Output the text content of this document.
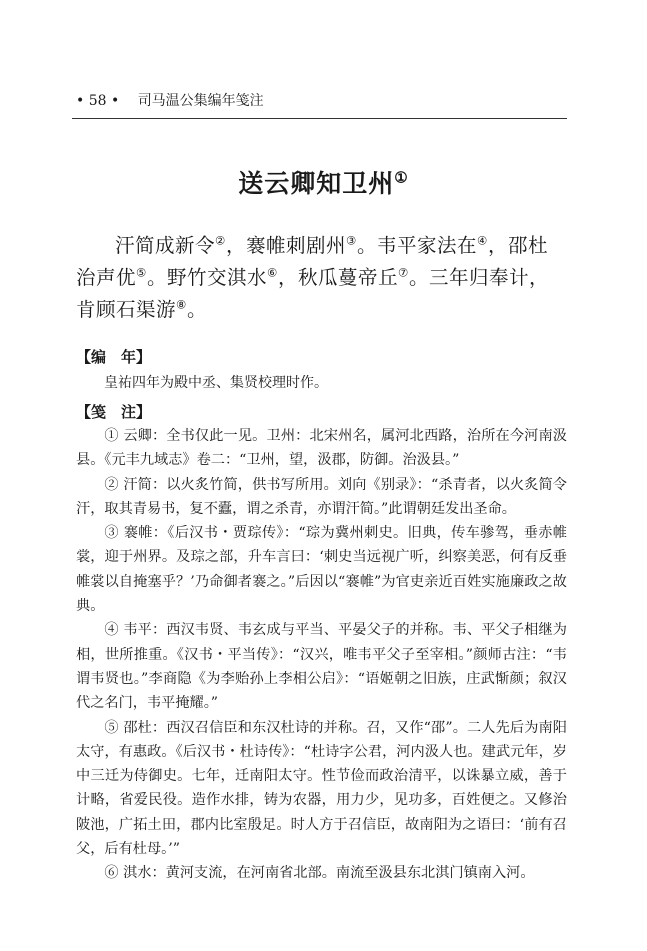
• 58 • 司马温公集编年笺注
送云卿知卫州①
汗简成新令②，褰帷刺剧州③。韦平家法在④，邵杜治声优⑤。野竹交淇水⑥，秋瓜蔓帝丘⑦。三年归奉计，肯顾石渠游⑧。
【编　年】
皇祐四年为殿中丞、集贤校理时作。
【笺　注】

① 云卿：全书仅此一见。卫州：北宋州名，属河北西路，治所在今河南汲县。《元丰九域志》卷二：“卫州，望，汲郡，防御。治汲县。”

② 汗简：以火炙竹简，供书写所用。刘向《别录》：“杀青者，以火炙简令汗，取其青易书，复不蠹，谓之杀青，亦谓汗简。”此谓朝廷发出圣命。

③ 褰帷：《后汉书・贾琮传》：“琮为冀州刺史。旧典，传车骖驾，垂赤帷裳，迎于州界。及琮之部，升车言曰：‘刺史当远视广听，纠察美恶，何有反垂帷裳以自掩塞乎？’乃命御者褰之。”后因以“褰帷”为官吏亲近百姓实施廉政之故典。

④ 韦平：西汉韦贤、韦玄成与平当、平晏父子的并称。韦、平父子相继为相，世所推重。《汉书・平当传》：“汉兴，唯韦平父子至宰相。”颜师古注：“韦谓韦贤也。”李商隐《为李贻孙上李相公启》：“语姬朝之旧族，庄武惭颜；叙汉代之名门，韦平掩耀。”

⑤ 邵杜：西汉召信臣和东汉杜诗的并称。召，又作“邵”。二人先后为南阳太守，有惠政。《后汉书・杜诗传》：“杜诗字公君，河内汲人也。建武元年，岁中三迁为侍御史。七年，迁南阳太守。性节俭而政治清平，以诛暴立威，善于计略，省爱民役。造作水排，铸为农器，用力少，见功多，百姓便之。又修治陂池，广拓土田，郡内比室殷足。时人方于召信臣，故南阳为之语曰：‘前有召父，后有杜母。’”

⑥ 淇水：黄河支流，在河南省北部。南流至汲县东北淇门镇南入河。
